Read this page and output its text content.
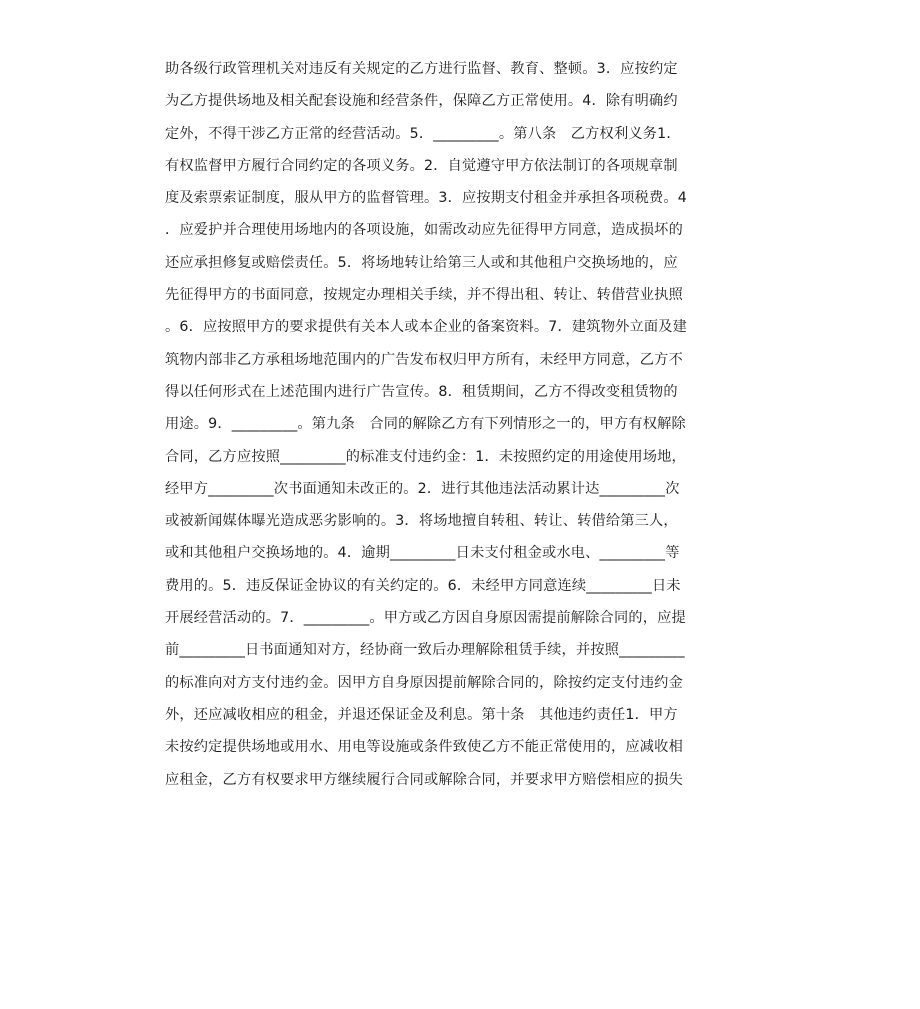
助各级行政管理机关对违反有关规定的乙方进行监督、教育、整顿。3．应按约定
为乙方提供场地及相关配套设施和经营条件，保障乙方正常使用。4．除有明确约
定外，不得干涉乙方正常的经营活动。5．_________。第八条　乙方权利义务1．
有权监督甲方履行合同约定的各项义务。2．自觉遵守甲方依法制订的各项规章制
度及索票索证制度，服从甲方的监督管理。3．应按期支付租金并承担各项税费。4
．应爱护并合理使用场地内的各项设施，如需改动应先征得甲方同意，造成损坏的
还应承担修复或赔偿责任。5．将场地转让给第三人或和其他租户交换场地的，应
先征得甲方的书面同意，按规定办理相关手续，并不得出租、转让、转借营业执照
。6．应按照甲方的要求提供有关本人或本企业的备案资料。7．建筑物外立面及建
筑物内部非乙方承租场地范围内的广告发布权归甲方所有，未经甲方同意，乙方不
得以任何形式在上述范围内进行广告宣传。8．租赁期间，乙方不得改变租赁物的
用途。9．_________。第九条　合同的解除乙方有下列情形之一的，甲方有权解除
合同，乙方应按照_________的标准支付违约金：1．未按照约定的用途使用场地，
经甲方_________次书面通知未改正的。2．进行其他违法活动累计达_________次
或被新闻媒体曝光造成恶劣影响的。3．将场地擅自转租、转让、转借给第三人，
或和其他租户交换场地的。4．逾期_________日未支付租金或水电、_________等
费用的。5．违反保证金协议的有关约定的。6．未经甲方同意连续_________日未
开展经营活动的。7．_________。甲方或乙方因自身原因需提前解除合同的，应提
前_________日书面通知对方，经协商一致后办理解除租赁手续，并按照_________
的标准向对方支付违约金。因甲方自身原因提前解除合同的，除按约定支付违约金
外，还应减收相应的租金，并退还保证金及利息。第十条　其他违约责任1．甲方
未按约定提供场地或用水、用电等设施或条件致使乙方不能正常使用的，应减收相
应租金，乙方有权要求甲方继续履行合同或解除合同，并要求甲方赔偿相应的损失
